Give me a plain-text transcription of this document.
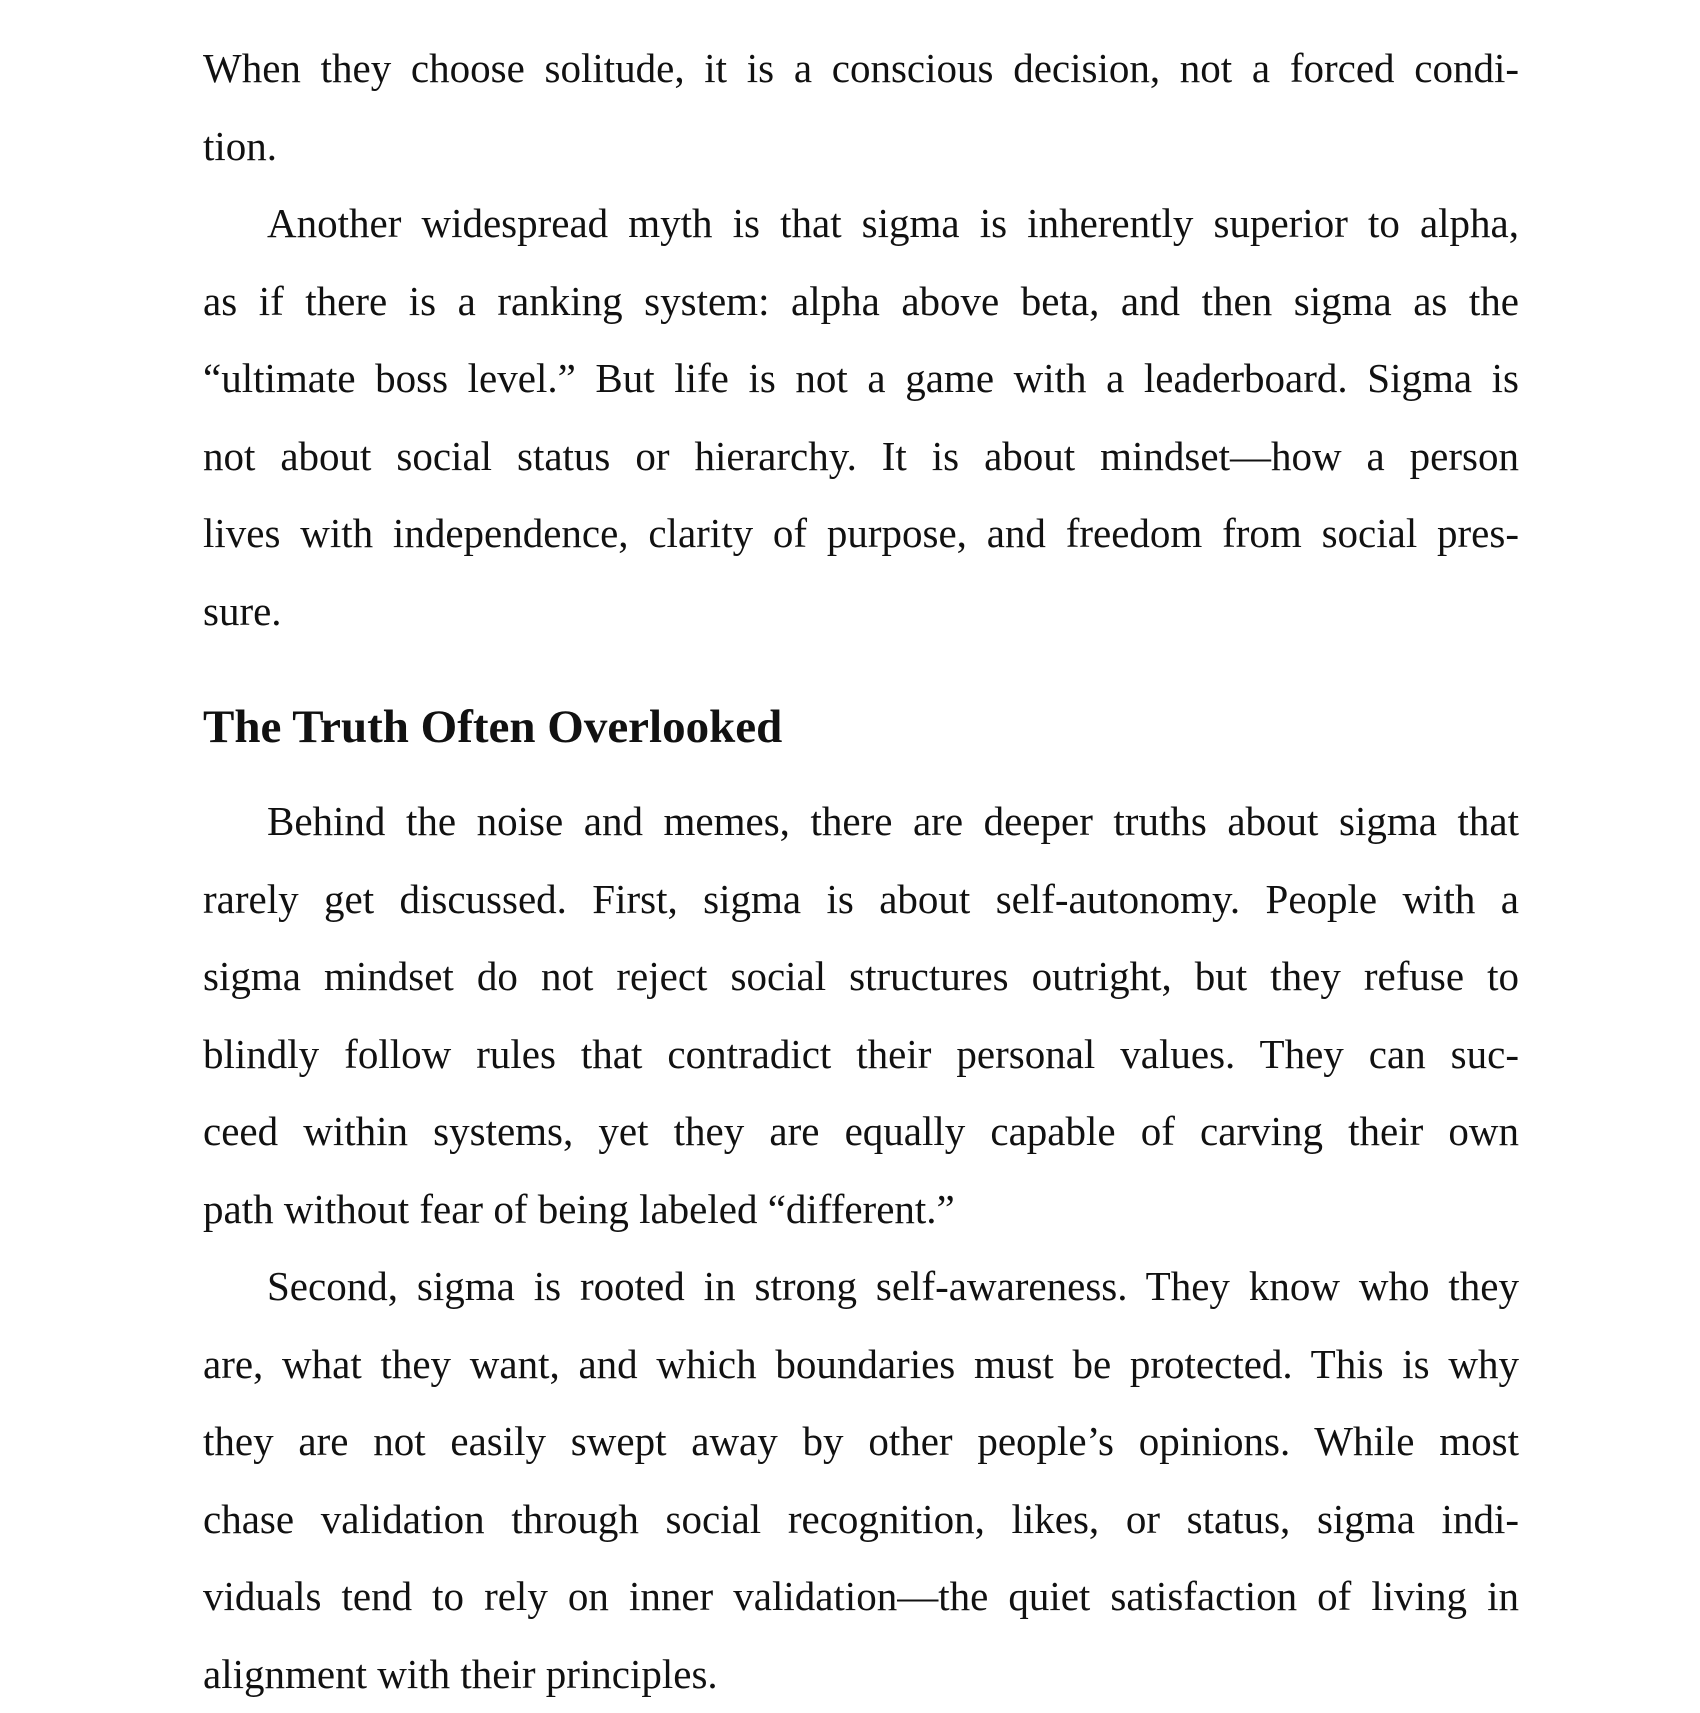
When they choose solitude, it is a conscious decision, not a forced condi-
tion.
Another widespread myth is that sigma is inherently superior to alpha,
as if there is a ranking system: alpha above beta, and then sigma as the
“ultimate boss level.” But life is not a game with a leaderboard. Sigma is
not about social status or hierarchy. It is about mindset—how a person
lives with independence, clarity of purpose, and freedom from social pres-
sure.
The Truth Often Overlooked
Behind the noise and memes, there are deeper truths about sigma that
rarely get discussed. First, sigma is about self-autonomy. People with a
sigma mindset do not reject social structures outright, but they refuse to
blindly follow rules that contradict their personal values. They can suc-
ceed within systems, yet they are equally capable of carving their own
path without fear of being labeled “different.”
Second, sigma is rooted in strong self-awareness. They know who they
are, what they want, and which boundaries must be protected. This is why
they are not easily swept away by other people’s opinions. While most
chase validation through social recognition, likes, or status, sigma indi-
viduals tend to rely on inner validation—the quiet satisfaction of living in
alignment with their principles.
